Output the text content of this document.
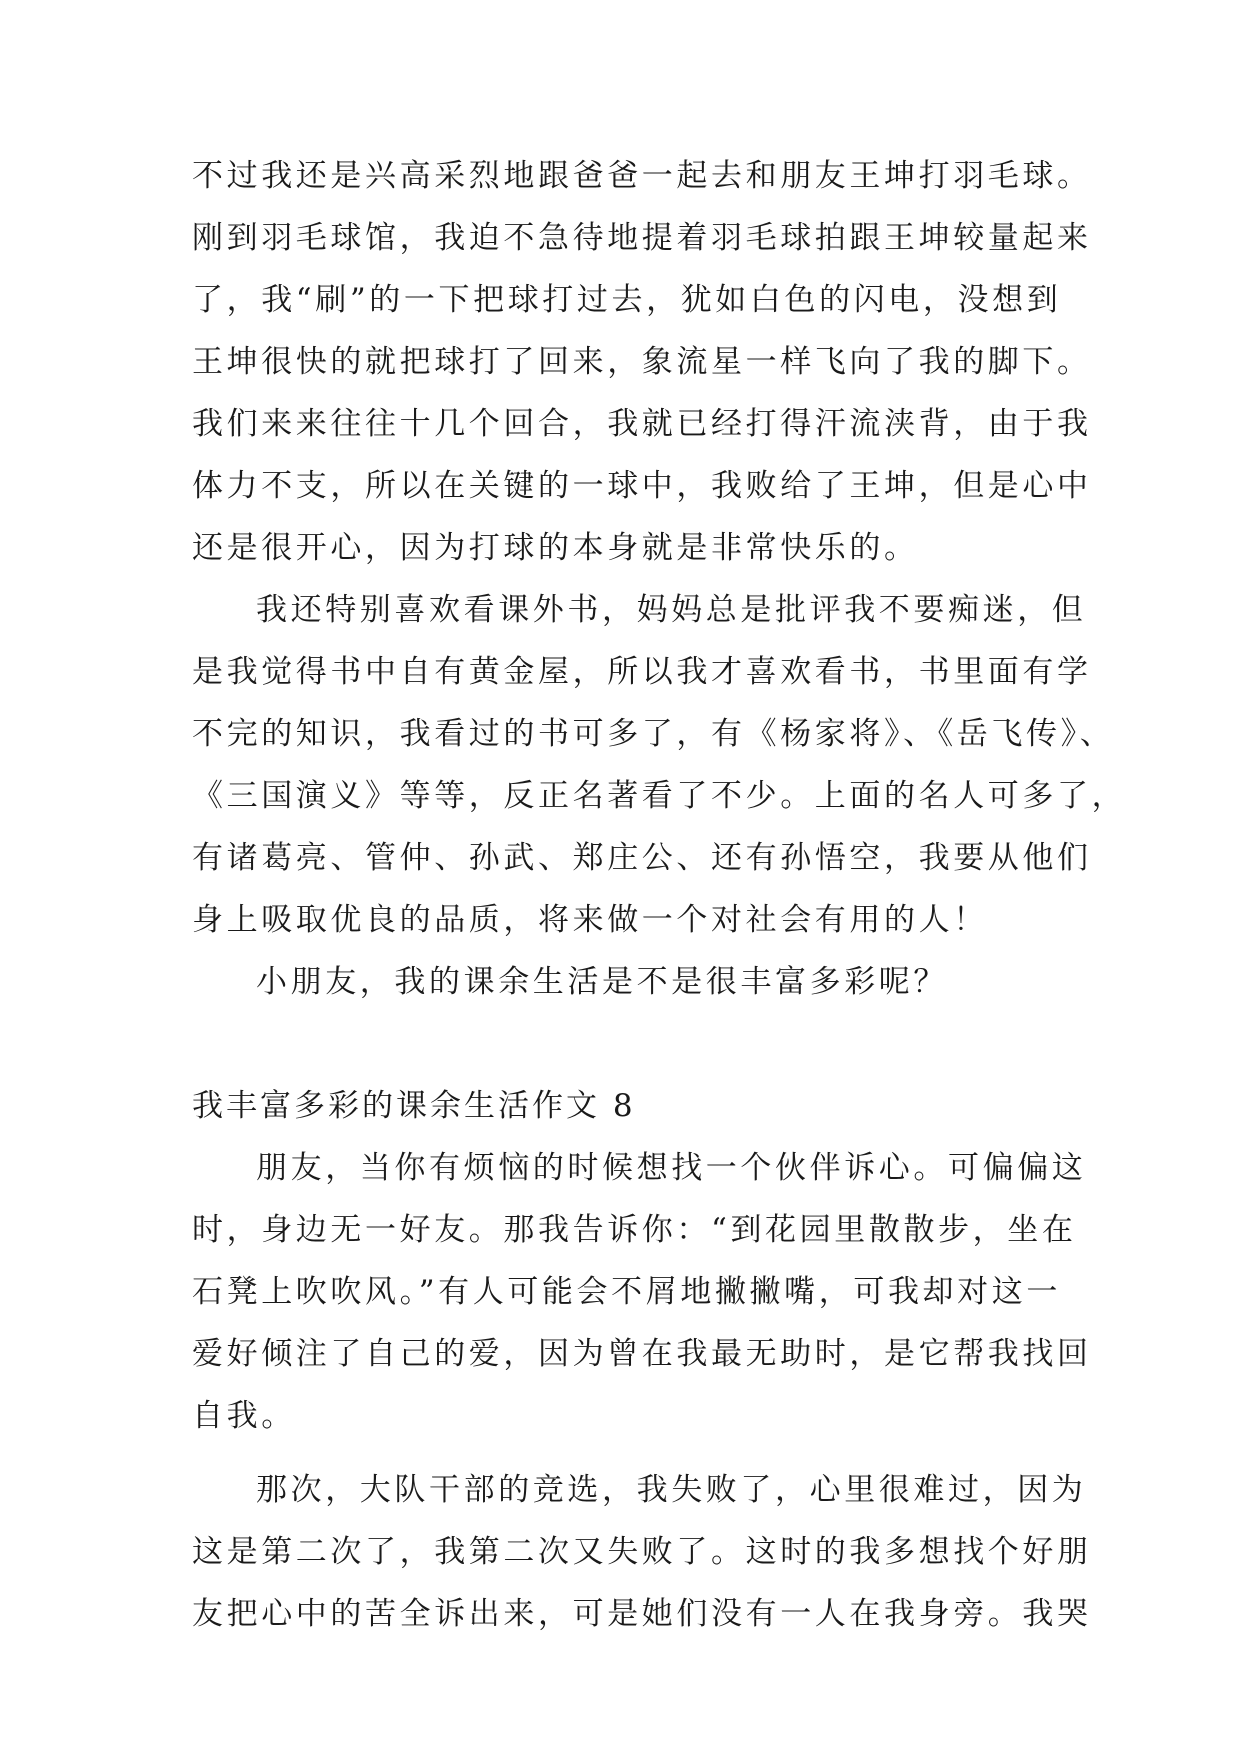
不过我还是兴高采烈地跟爸爸一起去和朋友王坤打羽毛球。
刚到羽毛球馆，我迫不急待地提着羽毛球拍跟王坤较量起来
了，我“刷”的一下把球打过去，犹如白色的闪电，没想到
王坤很快的就把球打了回来，象流星一样飞向了我的脚下。
我们来来往往十几个回合，我就已经打得汗流浃背，由于我
体力不支，所以在关键的一球中，我败给了王坤，但是心中
还是很开心，因为打球的本身就是非常快乐的。
我还特别喜欢看课外书，妈妈总是批评我不要痴迷，但
是我觉得书中自有黄金屋，所以我才喜欢看书，书里面有学
不完的知识，我看过的书可多了，有《杨家将》、《岳飞传》、
《三国演义》等等，反正名著看了不少。上面的名人可多了，
有诸葛亮、管仲、孙武、郑庄公、还有孙悟空，我要从他们
身上吸取优良的品质，将来做一个对社会有用的人！
小朋友，我的课余生活是不是很丰富多彩呢？
我丰富多彩的课余生活作文 8
朋友，当你有烦恼的时候想找一个伙伴诉心。可偏偏这
时，身边无一好友。那我告诉你：“到花园里散散步，坐在
石凳上吹吹风。”有人可能会不屑地撇撇嘴，可我却对这一
爱好倾注了自己的爱，因为曾在我最无助时，是它帮我找回
自我。
那次，大队干部的竞选，我失败了，心里很难过，因为
这是第二次了，我第二次又失败了。这时的我多想找个好朋
友把心中的苦全诉出来，可是她们没有一人在我身旁。我哭
